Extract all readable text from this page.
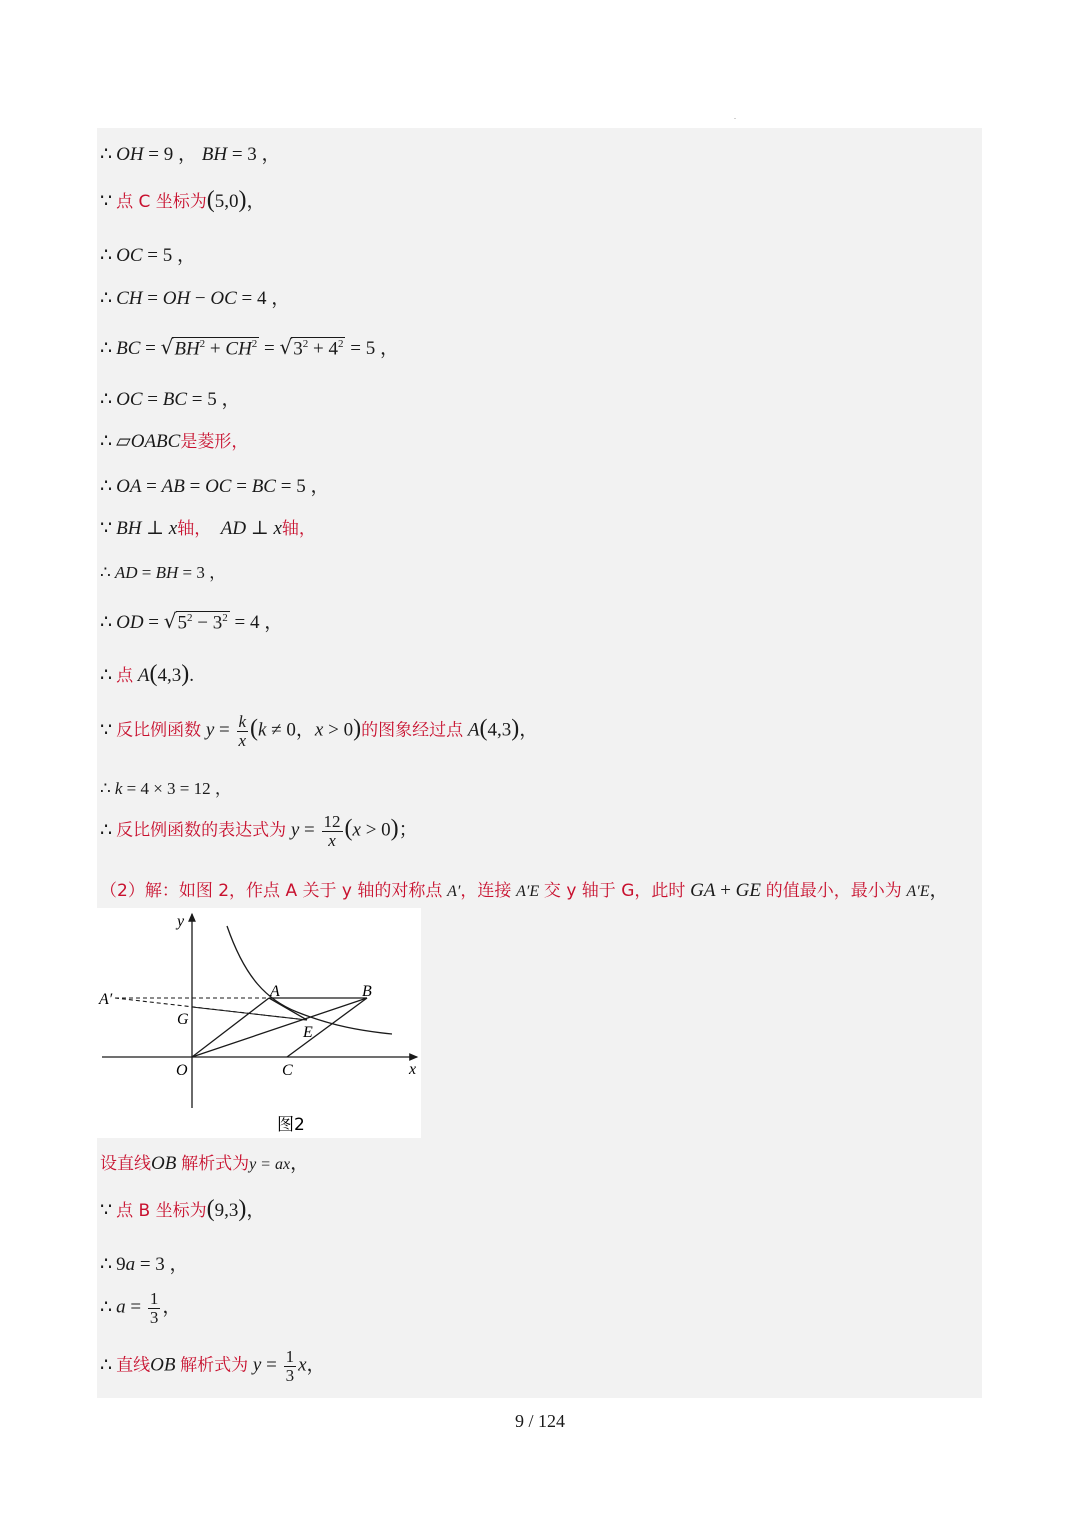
.
∴ OH = 9 ， BH = 3 ，
∵ 点 C 坐标为(5,0)，
∴ OC = 5 ，
∴ CH = OH − OC = 4 ，
∴ BC = $√BH^2 + CH^2 = √3^2 + 4^2 = 5$ ，
∴ OC = BC = 5 ，
∴ ▱OABC是菱形，
∴ OA = AB = OC = BC = 5 ，
∵ BH ⊥ x轴， AD ⊥ x轴，
∴ AD = BH = 3 ，
∴ OD = $√5^2 - 3^2 = 4$ ，
∴ 点 A(4,3).
∵ 反比例函数 $y = \frac{k}{x} (k \ne 0$，x > 0)的图象经过点 A(4,3)，
∴ k = 4 × 3 = 12 ，
∴ 反比例函数的表达式为 $y = \frac{12}{x} (x > 0)$；
（2）解：如图 2，作点 A 关于 y 轴的对称点 A′，连接 A′E 交 y 轴于 G，此时 GA + GE 的值最小，最小为 A′E，
y
x
O	C
A	B
A′
G
E
图2
设直线OB 解析式为y = ax，
∵ 点 B 坐标为(9,3)，
∴ 9a = 3 ，
∴ $a = \frac{1}{3}$ ，
∴ 直线OB 解析式为 $y = \frac{1}{3}$ x，
9 / 124
